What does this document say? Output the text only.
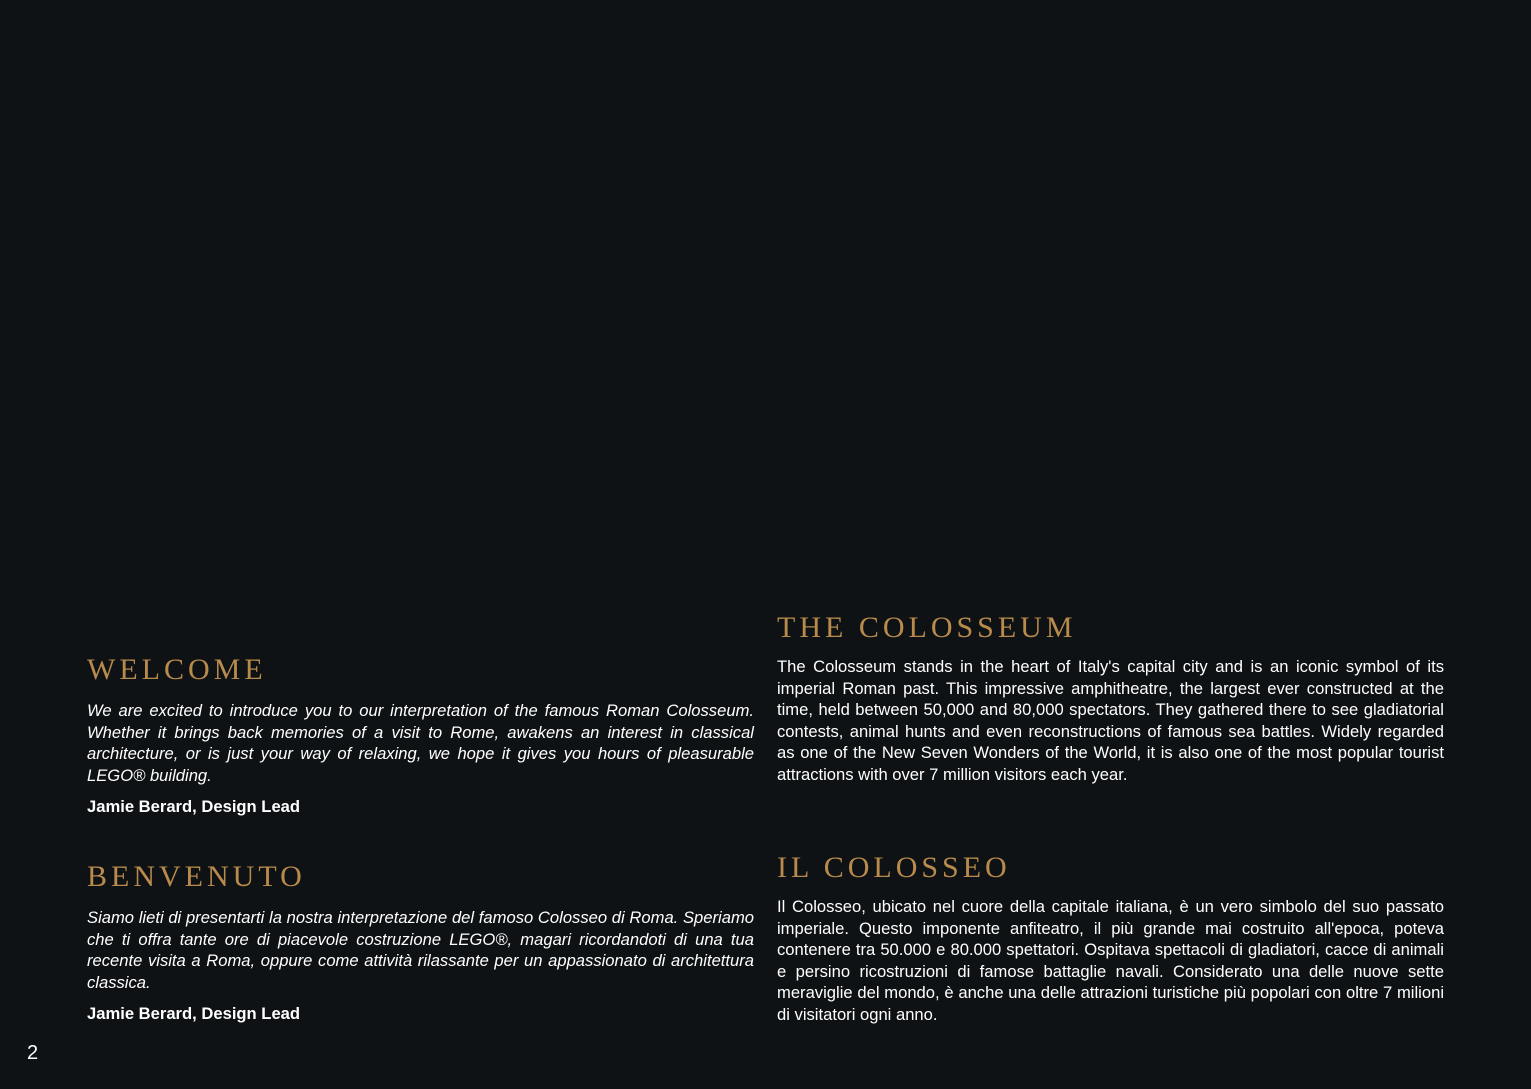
WELCOME

We are excited to introduce you to our interpretation of the famous Roman Colosseum. Whether it brings back memories of a visit to Rome, awakens an interest in classical architecture, or is just your way of relaxing, we hope it gives you hours of pleasurable LEGO® building.

Jamie Berard, Design Lead

BENVENUTO

Siamo lieti di presentarti la nostra interpretazione del famoso Colosseo di Roma. Speriamo che ti offra tante ore di piacevole costruzione LEGO®, magari ricordandoti di una tua recente visita a Roma, oppure come attività rilassante per un appassionato di architettura classica.

Jamie Berard, Design Lead

THE COLOSSEUM

The Colosseum stands in the heart of Italy's capital city and is an iconic symbol of its imperial Roman past. This impressive amphitheatre, the largest ever constructed at the time, held between 50,000 and 80,000 spectators. They gathered there to see gladiatorial contests, animal hunts and even reconstructions of famous sea battles. Widely regarded as one of the New Seven Wonders of the World, it is also one of the most popular tourist attractions with over 7 million visitors each year.

IL COLOSSEO

Il Colosseo, ubicato nel cuore della capitale italiana, è un vero simbolo del suo passato imperiale. Questo imponente anfiteatro, il più grande mai costruito all'epoca, poteva contenere tra 50.000 e 80.000 spettatori. Ospitava spettacoli di gladiatori, cacce di animali e persino ricostruzioni di famose battaglie navali. Considerato una delle nuove sette meraviglie del mondo, è anche una delle attrazioni turistiche più popolari con oltre 7 milioni di visitatori ogni anno.

2
